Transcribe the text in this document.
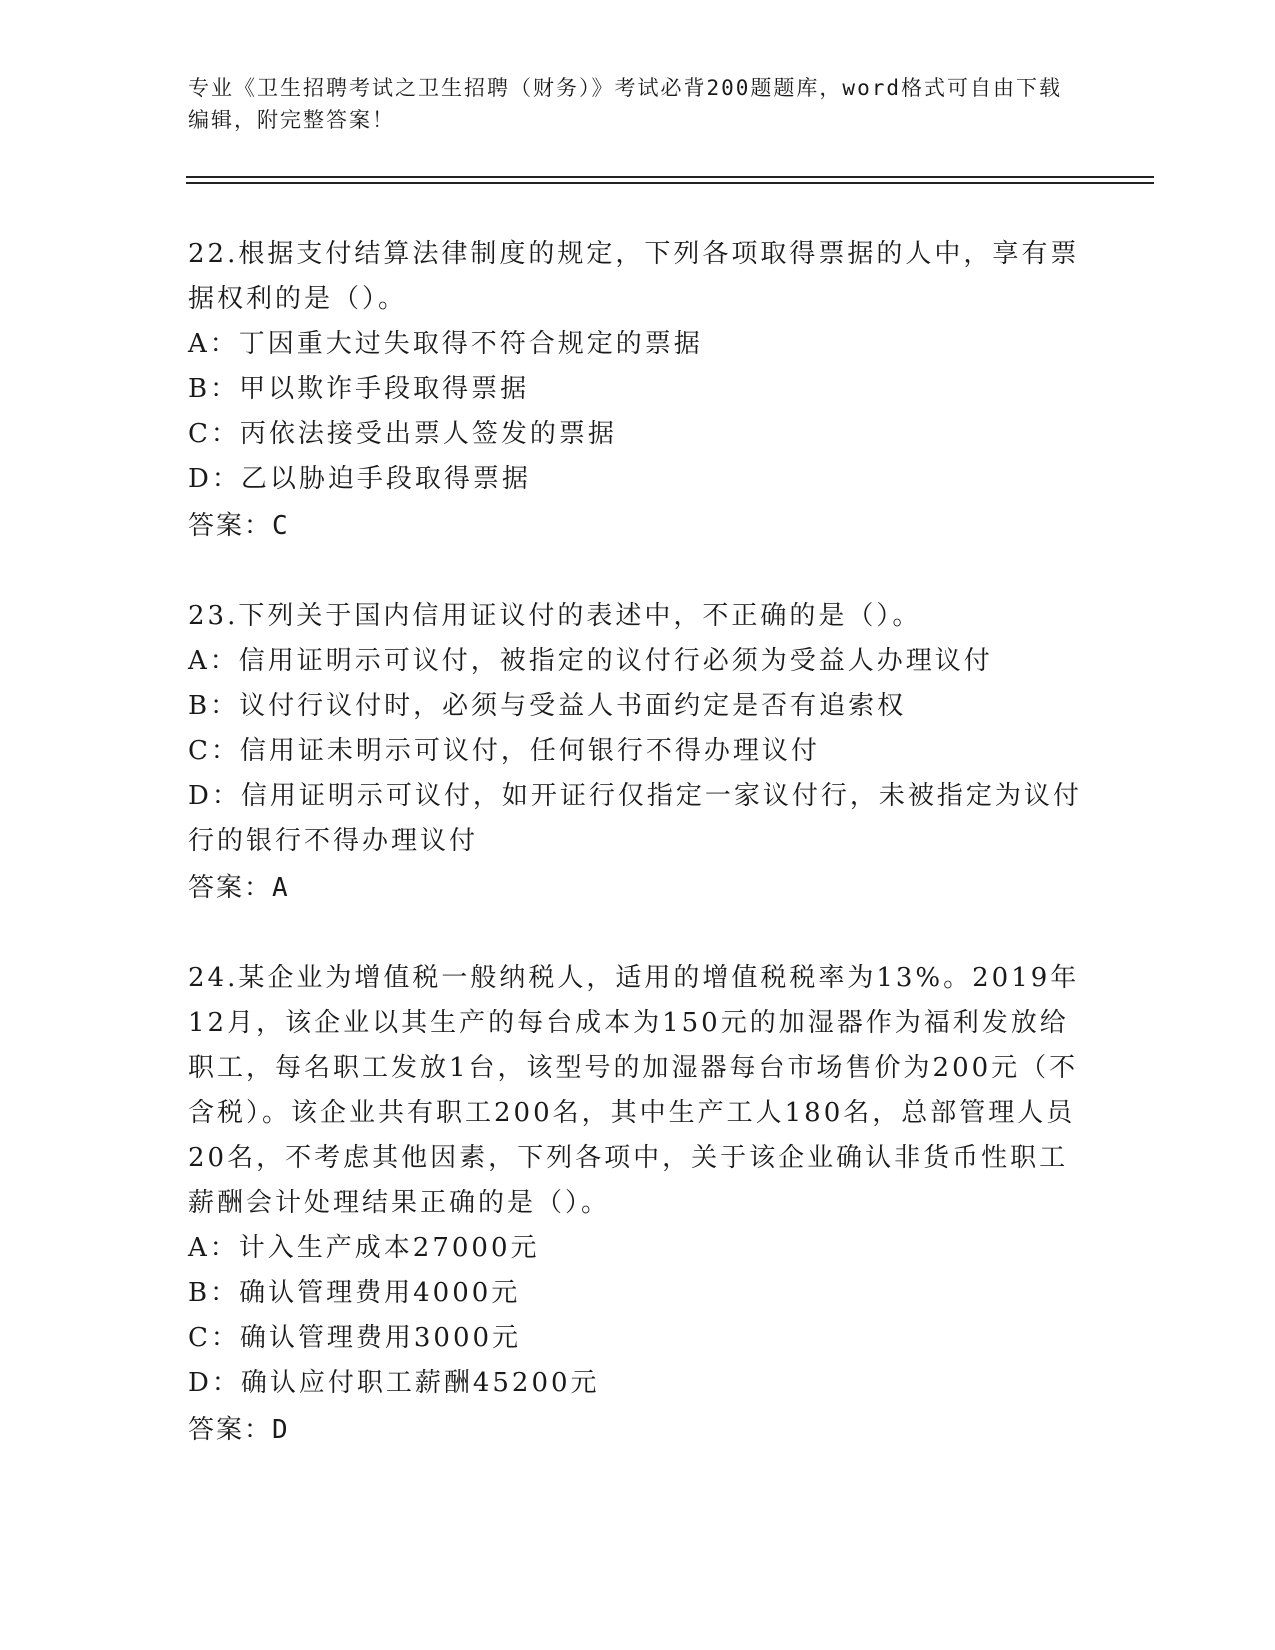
专业《卫生招聘考试之卫生招聘（财务）》考试必背200题题库，word格式可自由下载编辑，附完整答案！

22.根据支付结算法律制度的规定，下列各项取得票据的人中，享有票据权利的是（）。

A：丁因重大过失取得不符合规定的票据

B：甲以欺诈手段取得票据

C：丙依法接受出票人签发的票据

D：乙以胁迫手段取得票据

答案：C

23.下列关于国内信用证议付的表述中，不正确的是（）。

A：信用证明示可议付，被指定的议付行必须为受益人办理议付

B：议付行议付时，必须与受益人书面约定是否有追索权

C：信用证未明示可议付，任何银行不得办理议付

D：信用证明示可议付，如开证行仅指定一家议付行，未被指定为议付行的银行不得办理议付

答案：A

24.某企业为增值税一般纳税人，适用的增值税税率为13%。2019年12月，该企业以其生产的每台成本为150元的加湿器作为福利发放给职工，每名职工发放1台，该型号的加湿器每台市场售价为200元（不含税）。该企业共有职工200名，其中生产工人180名，总部管理人员20名，不考虑其他因素，下列各项中，关于该企业确认非货币性职工薪酬会计处理结果正确的是（）。

A：计入生产成本27000元

B：确认管理费用4000元

C：确认管理费用3000元

D：确认应付职工薪酬45200元

答案：D
